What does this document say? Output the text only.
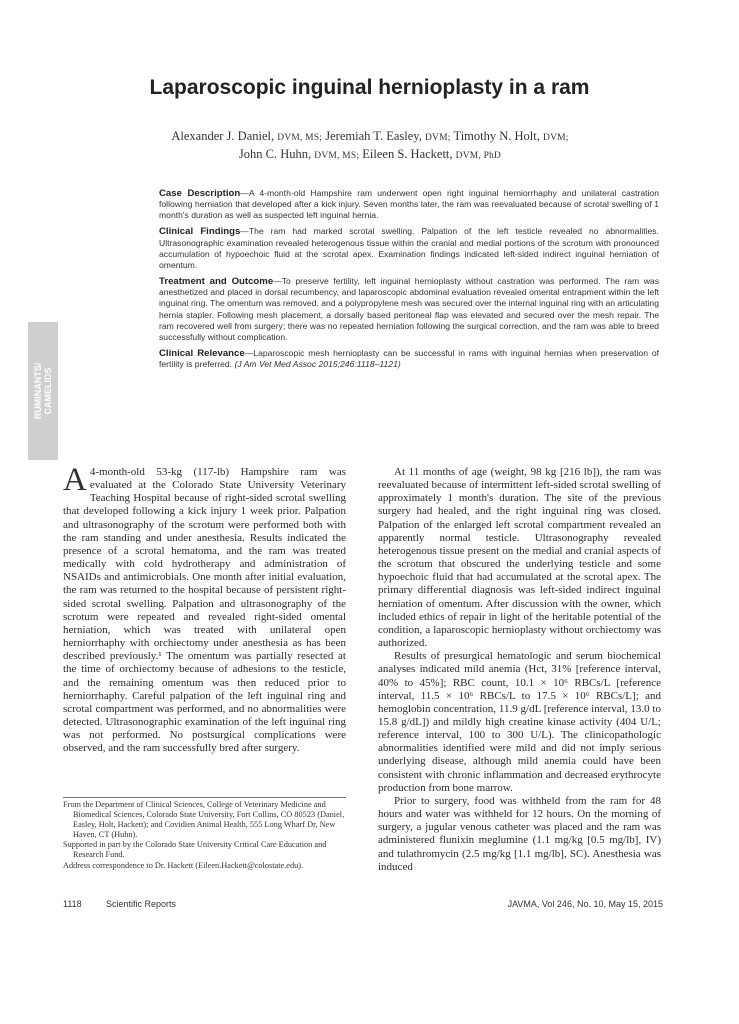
Laparoscopic inguinal hernioplasty in a ram
Alexander J. Daniel, DVM, MS; Jeremiah T. Easley, DVM; Timothy N. Holt, DVM;
John C. Huhn, DVM, MS; Eileen S. Hackett, DVM, PhD

Case Description—A 4-month-old Hampshire ram underwent open right inguinal herniorrhaphy and unilateral castration following herniation that developed after a kick injury. Seven months later, the ram was reevaluated because of scrotal swelling of 1 month's duration as well as suspected left inguinal hernia.

Clinical Findings—The ram had marked scrotal swelling. Palpation of the left testicle revealed no abnormalities. Ultrasonographic examination revealed heterogenous tissue within the cranial and medial portions of the scrotum with pronounced accumulation of hypoechoic fluid at the scrotal apex. Examination findings indicated left-sided indirect inguinal herniation of omentum.

Treatment and Outcome—To preserve fertility, left inguinal hernioplasty without castration was performed. The ram was anesthetized and placed in dorsal recumbency, and laparoscopic abdominal evaluation revealed omental entrapment within the left inguinal ring. The omentum was removed, and a polypropylene mesh was secured over the internal inguinal ring with an articulating hernia stapler. Following mesh placement, a dorsally based peritoneal flap was elevated and secured over the mesh repair. The ram recovered well from surgery; there was no repeated herniation following the surgical correction, and the ram was able to breed successfully without complication.

Clinical Relevance—Laparoscopic mesh hernioplasty can be successful in rams with inguinal hernias when preservation of fertility is preferred. (J Am Vet Med Assoc 2015;246:1118–1121)

RUMINANTS/ CAMELIDS

A 4-month-old 53-kg (117-lb) Hampshire ram was evaluated at the Colorado State University Veterinary Teaching Hospital because of right-sided scrotal swelling that developed following a kick injury 1 week prior. Palpation and ultrasonography of the scrotum were performed both with the ram standing and under anesthesia. Results indicated the presence of a scrotal hematoma, and the ram was treated medically with cold hydrotherapy and administration of NSAIDs and antimicrobials. One month after initial evaluation, the ram was returned to the hospital because of persistent right-sided scrotal swelling. Palpation and ultrasonography of the scrotum were repeated and revealed right-sided omental herniation, which was treated with unilateral open herniorrhaphy with orchiectomy under anesthesia as has been described previously.¹ The omentum was partially resected at the time of orchiectomy because of adhesions to the testicle, and the remaining omentum was then reduced prior to herniorrhaphy. Careful palpation of the left inguinal ring and scrotal compartment was performed, and no abnormalities were detected. Ultrasonographic examination of the left inguinal ring was not performed. No postsurgical complications were observed, and the ram successfully bred after surgery.

At 11 months of age (weight, 98 kg [216 lb]), the ram was reevaluated because of intermittent left-sided scrotal swelling of approximately 1 month's duration. The site of the previous surgery had healed, and the right inguinal ring was closed. Palpation of the enlarged left scrotal compartment revealed an apparently normal testicle. Ultrasonography revealed heterogenous tissue present on the medial and cranial aspects of the scrotum that obscured the underlying testicle and some hypoechoic fluid that had accumulated at the scrotal apex. The primary differential diagnosis was left-sided indirect inguinal herniation of omentum. After discussion with the owner, which included ethics of repair in light of the heritable potential of the condition, a laparoscopic hernioplasty without orchiectomy was authorized.

Results of presurgical hematologic and serum biochemical analyses indicated mild anemia (Hct, 31% [reference interval, 40% to 45%]; RBC count, 10.1 × 10⁶ RBCs/L [reference interval, 11.5 × 10⁶ RBCs/L to 17.5 × 10⁶ RBCs/L]; and hemoglobin concentration, 11.9 g/dL [reference interval, 13.0 to 15.8 g/dL]) and mildly high creatine kinase activity (404 U/L; reference interval, 100 to 300 U/L). The clinicopathologic abnormalities identified were mild and did not imply serious underlying disease, although mild anemia could have been consistent with chronic inflammation and decreased erythrocyte production from bone marrow.

Prior to surgery, food was withheld from the ram for 48 hours and water was withheld for 12 hours. On the morning of surgery, a jugular venous catheter was placed and the ram was administered flunixin meglumine (1.1 mg/kg [0.5 mg/lb], IV) and tulathromycin (2.5 mg/kg [1.1 mg/lb], SC). Anesthesia was induced

From the Department of Clinical Sciences, College of Veterinary Medicine and Biomedical Sciences, Colorado State University, Fort Collins, CO 80523 (Daniel, Easley, Holt, Hackett); and Covidien Animal Health, 555 Long Wharf Dr, New Haven, CT (Huhn).

Supported in part by the Colorado State University Critical Care Education and Research Fund.

Address correspondence to Dr. Hackett (Eileen.Hackett@colostate.edu).

1118	Scientific Reports	JAVMA, Vol 246, No. 10, May 15, 2015
